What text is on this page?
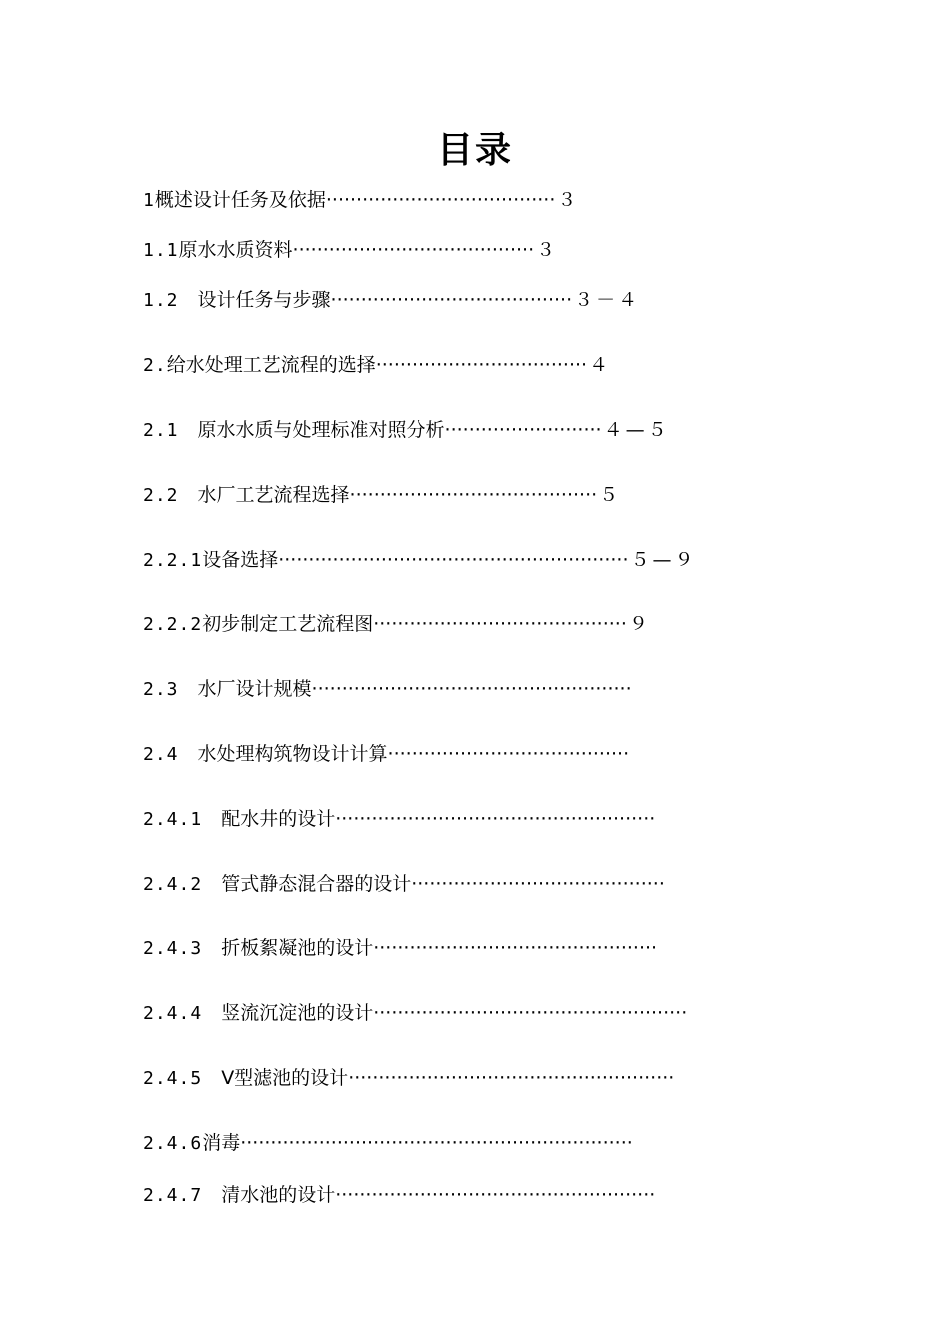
目录
1概述设计任务及依据······································ ３
1.1原水水质资料········································ ３
1.2　设计任务与步骤········································ ３－４
2.给水处理工艺流程的选择··································· ４
2.1　原水水质与处理标准对照分析·························· ４—５
2.2　水厂工艺流程选择········································· ５
2.2.1设备选择·························································· ５—９
2.2.2初步制定工艺流程图·········································· ９
2.3　水厂设计规模·····················································
2.4　水处理构筑物设计计算········································
2.4.1　配水井的设计·····················································
2.4.2　管式静态混合器的设计··········································
2.4.3　折板絮凝池的设计···············································
2.4.4　竖流沉淀池的设计····················································
2.4.5　V型滤池的设计······················································
2.4.6消毒·································································
2.4.7　清水池的设计·····················································
